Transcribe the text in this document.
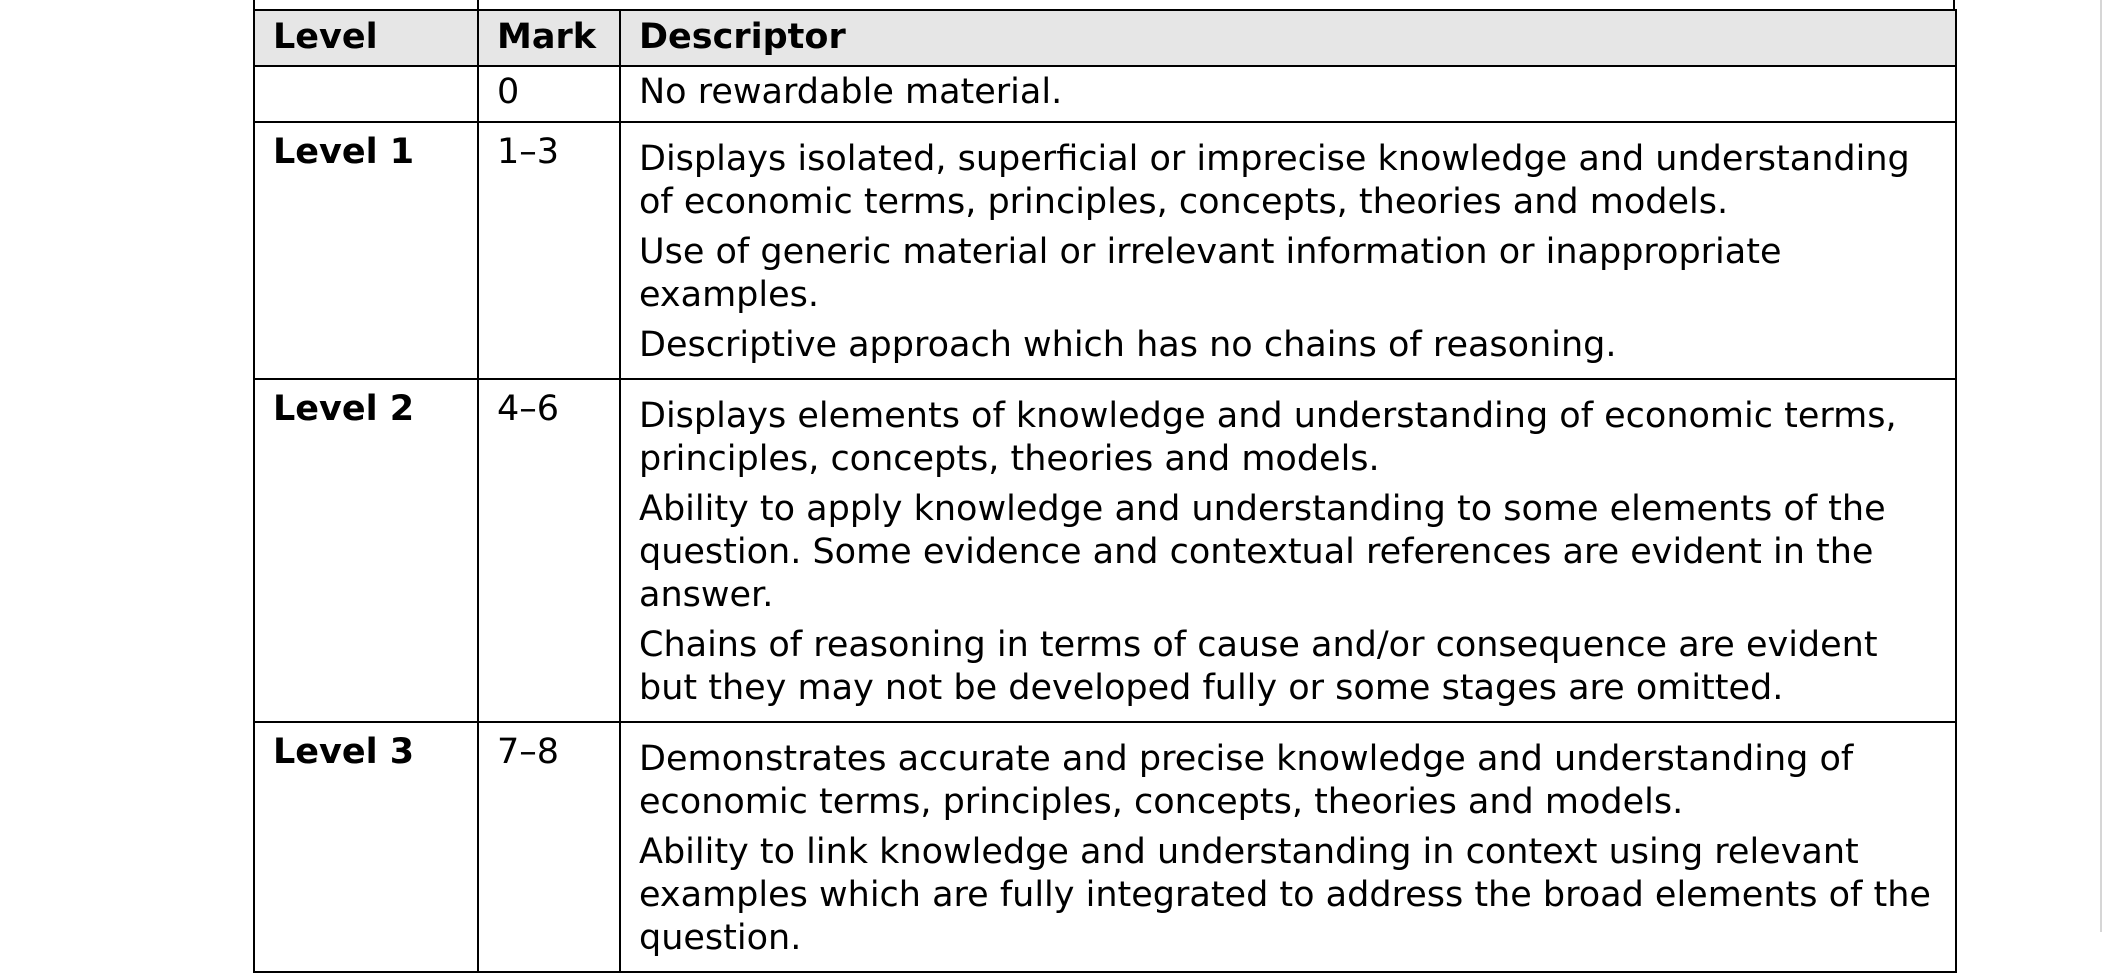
Level	Mark	Descriptor
	0	No rewardable material.

Level 1	1–3	Displays isolated, superficial or imprecise knowledge and understanding of economic terms, principles, concepts, theories and models.

Use of generic material or irrelevant information or inappropriate examples.

Descriptive approach which has no chains of reasoning.

Level 2	4–6	Displays elements of knowledge and understanding of economic terms, principles, concepts, theories and models.

Ability to apply knowledge and understanding to some elements of the question. Some evidence and contextual references are evident in the answer.

Chains of reasoning in terms of cause and/or consequence are evident but they may not be developed fully or some stages are omitted.

Level 3	7–8	Demonstrates accurate and precise knowledge and understanding of economic terms, principles, concepts, theories and models.

Ability to link knowledge and understanding in context using relevant examples which are fully integrated to address the broad elements of the question.
